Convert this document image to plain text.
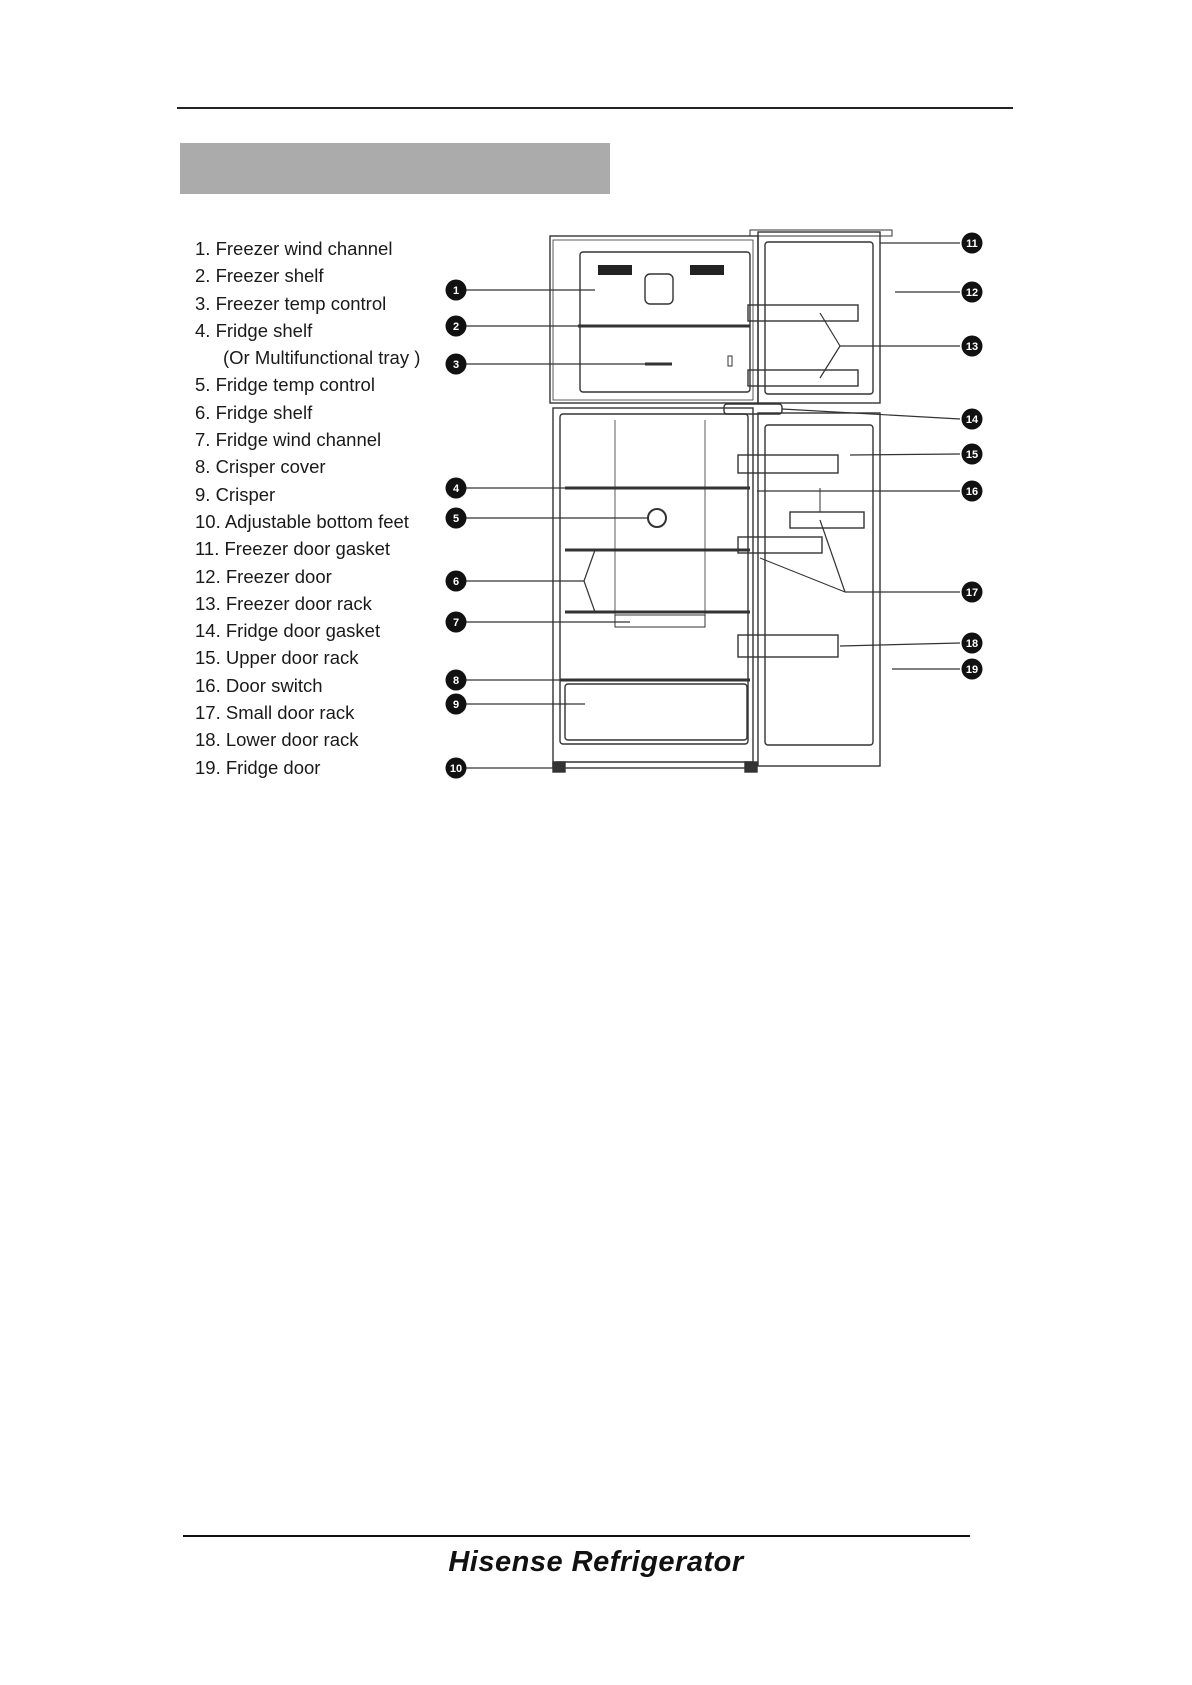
1. Freezer wind channel
2. Freezer shelf
3. Freezer temp control
4. Fridge shelf
(Or Multifunctional tray )
5. Fridge temp control
6. Fridge shelf
7. Fridge wind channel
8. Crisper cover
9. Crisper
10. Adjustable bottom feet
11. Freezer door gasket
12. Freezer door
13. Freezer door rack
14. Fridge door gasket
15. Upper door rack
16. Door switch
17. Small door rack
18. Lower door rack
19. Fridge door
1
2
3
4
5
6
7
8
9
10
11
12
13
14
15
16
17
18
19
Hisense Refrigerator
